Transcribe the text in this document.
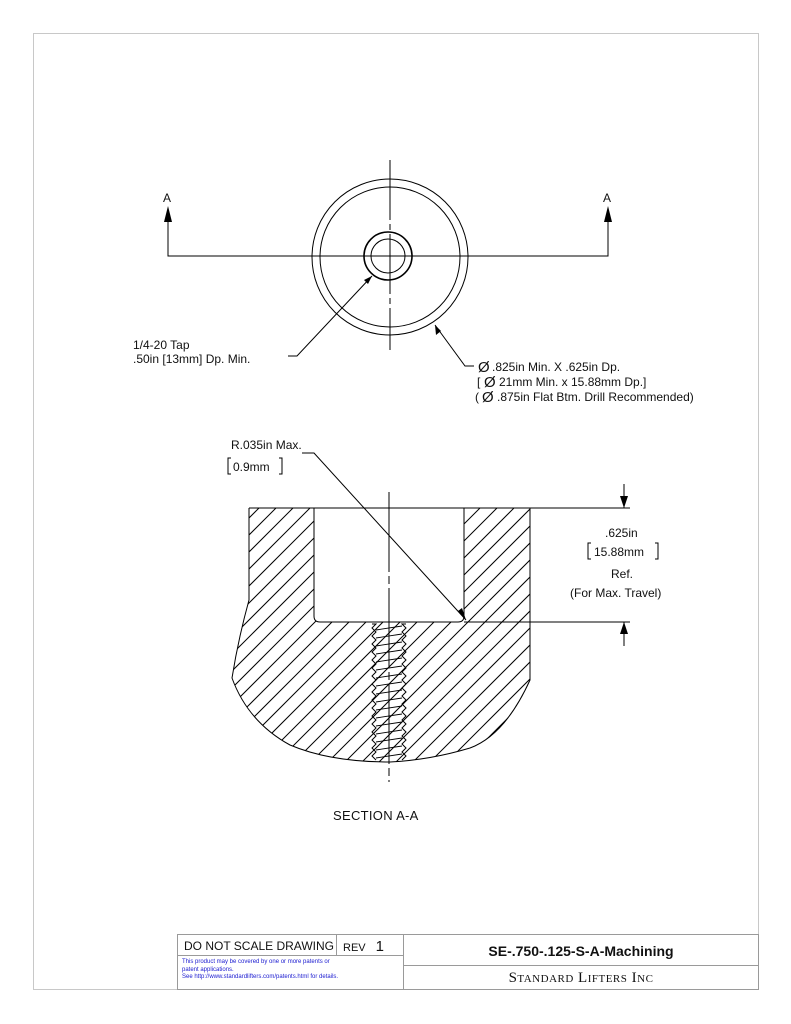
A	A
1/4-20 Tap
.50in [13mm] Dp. Min.	Ø .825in Min. X .625in Dp.
[ Ø 21mm Min. x 15.88mm Dp.]
( Ø .875in Flat Btm. Drill Recommended)
R.035in Max.
0.9mm
.625in
15.88mm
Ref.
(For Max. Travel)
SECTION A-A
DO NOT SCALE DRAWING REV 1
This product may be covered by one or more patents or
patent applications.
See http://www.standardlifters.com/patents.html for details.
SE-.750-.125-S-A-Machining
Standard Lifters Inc
